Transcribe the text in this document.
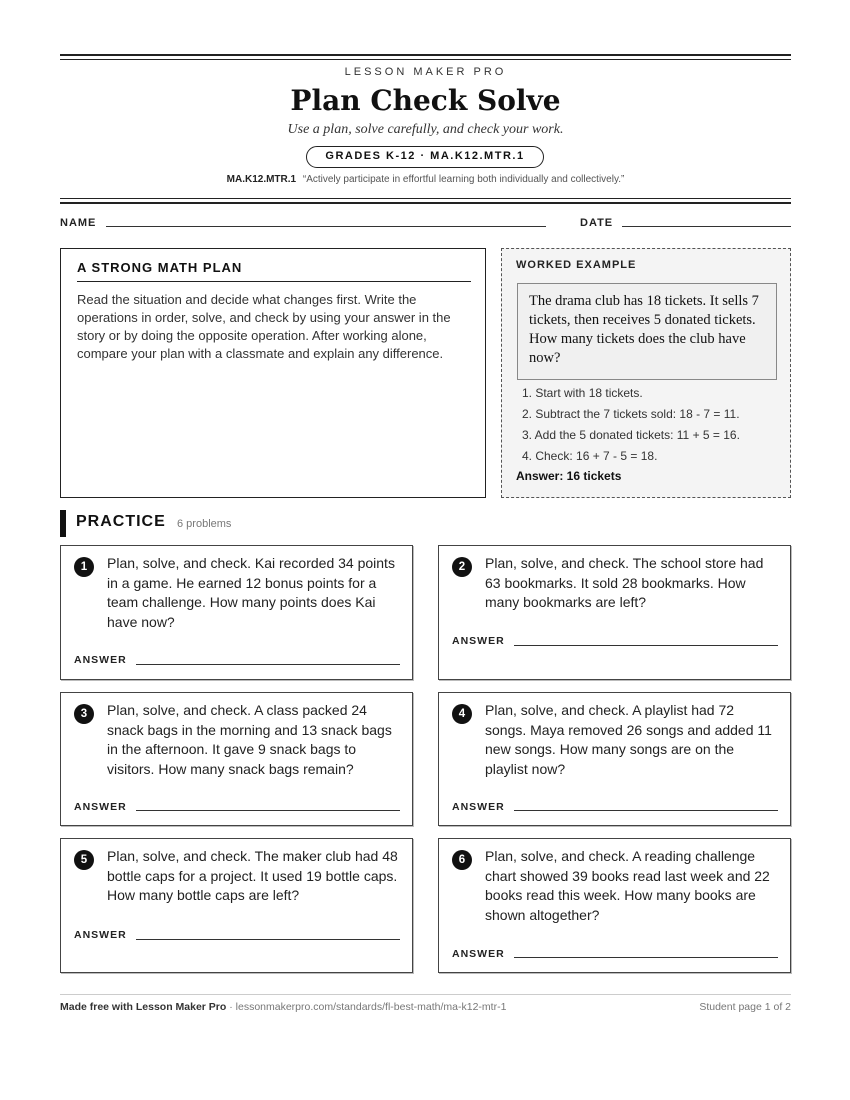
LESSON MAKER PRO
Plan Check Solve
Use a plan, solve carefully, and check your work.
GRADES K-12 · MA.K12.MTR.1
MA.K12.MTR.1 “Actively participate in effortful learning both individually and collectively.”
NAME	DATE
A STRONG MATH PLAN
Read the situation and decide what changes first. Write the operations in order, solve, and check by using your answer in the story or by doing the opposite operation. After working alone, compare your plan with a classmate and explain any difference.
WORKED EXAMPLE
The drama club has 18 tickets. It sells 7 tickets, then receives 5 donated tickets. How many tickets does the club have now?
1. Start with 18 tickets.
2. Subtract the 7 tickets sold: 18 - 7 = 11.
3. Add the 5 donated tickets: 11 + 5 = 16.
4. Check: 16 + 7 - 5 = 18.
Answer: 16 tickets
PRACTICE 6 problems
1	Plan, solve, and check. Kai recorded 34 points in a game. He earned 12 bonus points for a team challenge. How many points does Kai have now?
ANSWER
2	Plan, solve, and check. The school store had 63 bookmarks. It sold 28 bookmarks. How many bookmarks are left?
ANSWER
3	Plan, solve, and check. A class packed 24 snack bags in the morning and 13 snack bags in the afternoon. It gave 9 snack bags to visitors. How many snack bags remain?
ANSWER
4	Plan, solve, and check. A playlist had 72 songs. Maya removed 26 songs and added 11 new songs. How many songs are on the playlist now?
ANSWER
5	Plan, solve, and check. The maker club had 48 bottle caps for a project. It used 19 bottle caps. How many bottle caps are left?
ANSWER
6	Plan, solve, and check. A reading challenge chart showed 39 books read last week and 22 books read this week. How many books are shown altogether?
ANSWER
Made free with Lesson Maker Pro · lessonmakerpro.com/standards/fl-best-math/ma-k12-mtr-1	Student page 1 of 2
